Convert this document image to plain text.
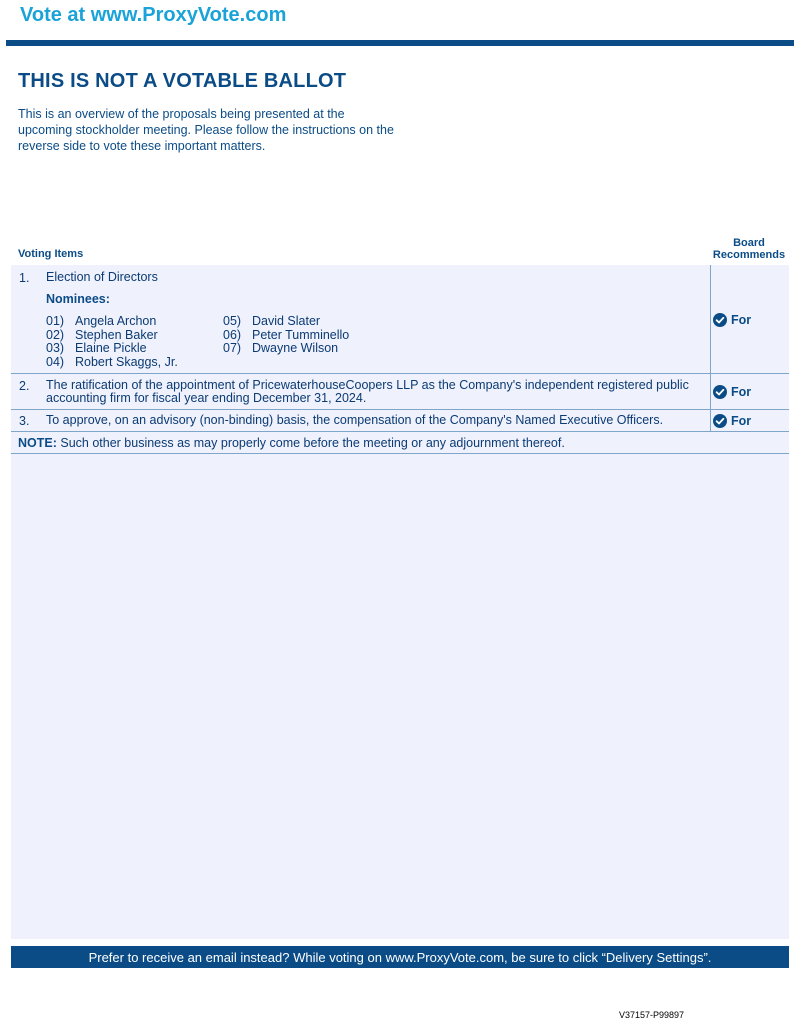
Vote at www.ProxyVote.com
THIS IS NOT A VOTABLE BALLOT
This is an overview of the proposals being presented at the upcoming stockholder meeting. Please follow the instructions on the reverse side to vote these important matters.
Voting Items
Board
Recommends
1. Election of Directors
Nominees:
01) Angela Archon
02) Stephen Baker
03) Elaine Pickle
04) Robert Skaggs, Jr.
05) David Slater
06) Peter Tumminello
07) Dwayne Wilson
For
2. The ratification of the appointment of PricewaterhouseCoopers LLP as the Company's independent registered public accounting firm for fiscal year ending December 31, 2024.	For
3. To approve, on an advisory (non-binding) basis, the compensation of the Company's Named Executive Officers.	For
NOTE: Such other business as may properly come before the meeting or any adjournment thereof.
Prefer to receive an email instead? While voting on www.ProxyVote.com, be sure to click “Delivery Settings”.
V37157-P99897
